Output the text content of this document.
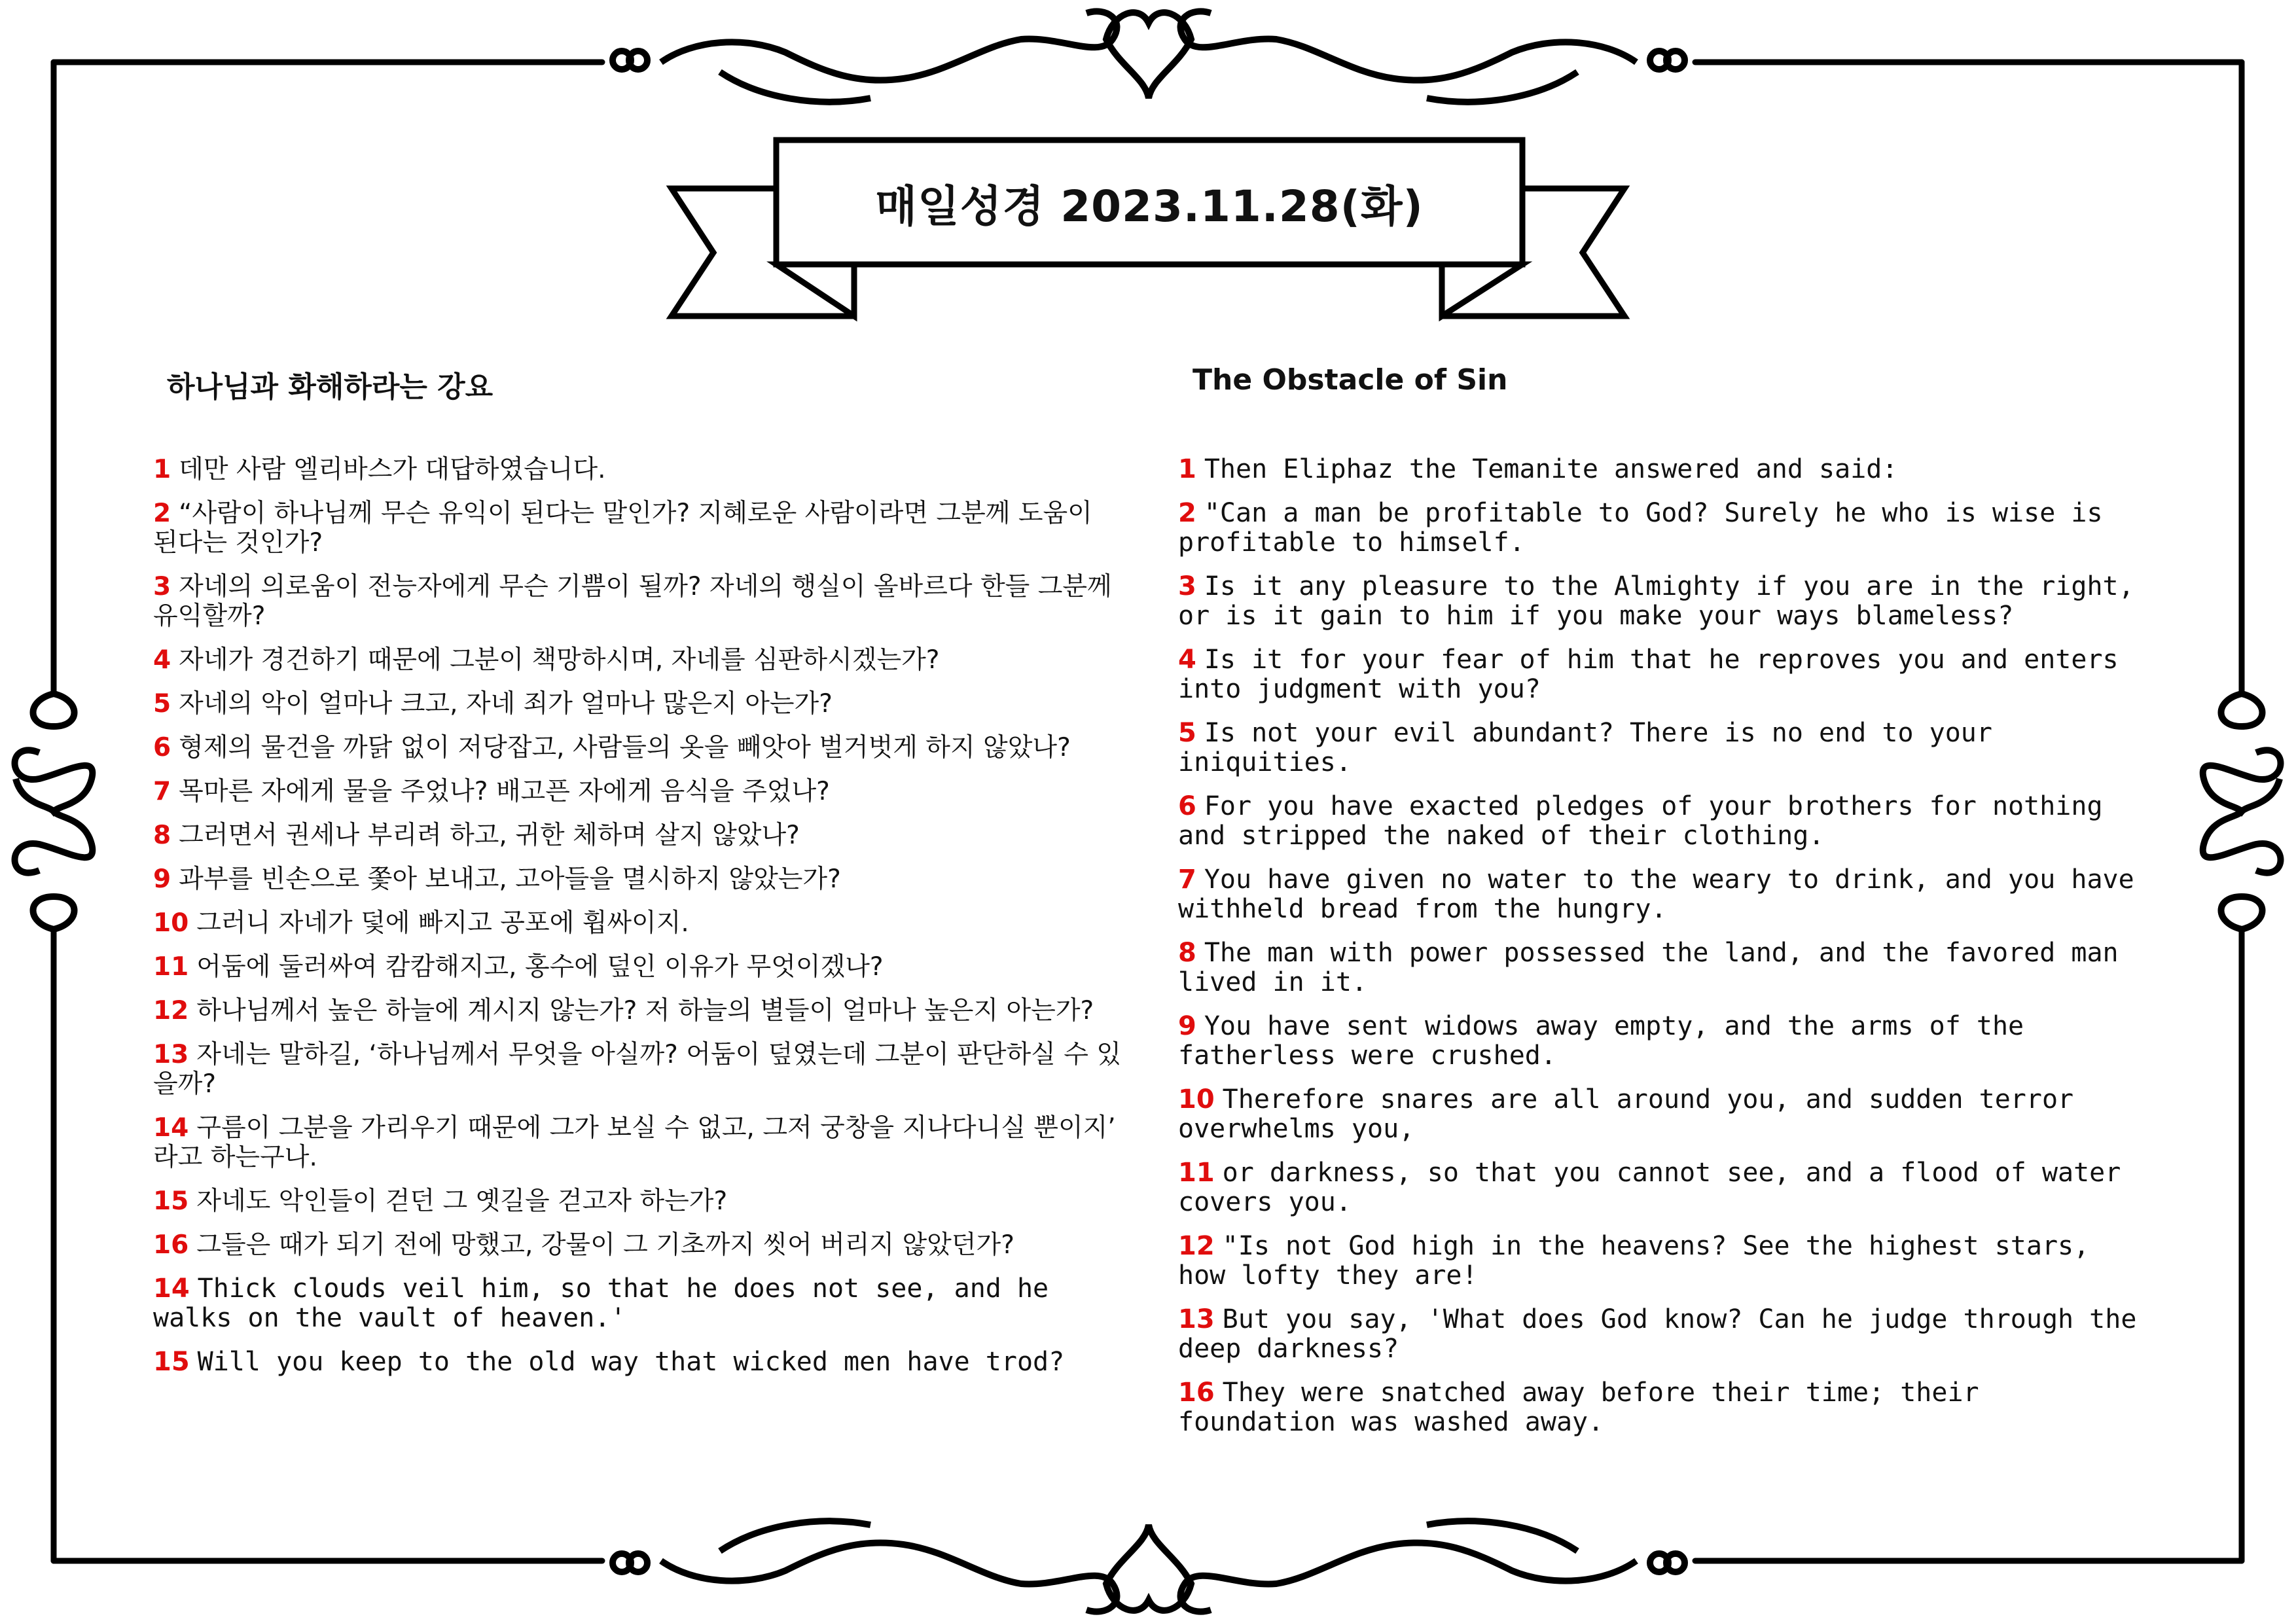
매일성경 2023.11.28(화)
하나님과 화해하라는 강요	The Obstacle of Sin
1 데만 사람 엘리바스가 대답하였습니다.
2 “사람이 하나님께 무슨 유익이 된다는 말인가? 지혜로운 사람이라면 그분께 도움이 된다는 것인가?
3 자네의 의로움이 전능자에게 무슨 기쁨이 될까? 자네의 행실이 올바르다 한들 그분께 유익할까?
4 자네가 경건하기 때문에 그분이 책망하시며, 자네를 심판하시겠는가?
5 자네의 악이 얼마나 크고, 자네 죄가 얼마나 많은지 아는가?
6 형제의 물건을 까닭 없이 저당잡고, 사람들의 옷을 빼앗아 벌거벗게 하지 않았나?
7 목마른 자에게 물을 주었나? 배고픈 자에게 음식을 주었나?
8 그러면서 권세나 부리려 하고, 귀한 체하며 살지 않았나?
9 과부를 빈손으로 쫓아 보내고, 고아들을 멸시하지 않았는가?
10 그러니 자네가 덫에 빠지고 공포에 휩싸이지.
11 어둠에 둘러싸여 캄캄해지고, 홍수에 덮인 이유가 무엇이겠나?
12 하나님께서 높은 하늘에 계시지 않는가? 저 하늘의 별들이 얼마나 높은지 아는가?
13 자네는 말하길, ‘하나님께서 무엇을 아실까? 어둠이 덮였는데 그분이 판단하실 수 있을까?
14 구름이 그분을 가리우기 때문에 그가 보실 수 없고, 그저 궁창을 지나다니실 뿐이지’ 라고 하는구나.
15 자네도 악인들이 걷던 그 옛길을 걷고자 하는가?
16 그들은 때가 되기 전에 망했고, 강물이 그 기초까지 씻어 버리지 않았던가?
14 Thick clouds veil him, so that he does not see, and he walks on the vault of heaven.'
15 Will you keep to the old way that wicked men have trod?
1 Then Eliphaz the Temanite answered and said:
2 "Can a man be profitable to God? Surely he who is wise is profitable to himself.
3 Is it any pleasure to the Almighty if you are in the right, or is it gain to him if you make your ways blameless?
4 Is it for your fear of him that he reproves you and enters into judgment with you?
5 Is not your evil abundant? There is no end to your iniquities.
6 For you have exacted pledges of your brothers for nothing and stripped the naked of their clothing.
7 You have given no water to the weary to drink, and you have withheld bread from the hungry.
8 The man with power possessed the land, and the favored man lived in it.
9 You have sent widows away empty, and the arms of the fatherless were crushed.
10 Therefore snares are all around you, and sudden terror overwhelms you,
11 or darkness, so that you cannot see, and a flood of water covers you.
12 "Is not God high in the heavens? See the highest stars, how lofty they are!
13 But you say, 'What does God know? Can he judge through the deep darkness?
16 They were snatched away before their time; their foundation was washed away.
